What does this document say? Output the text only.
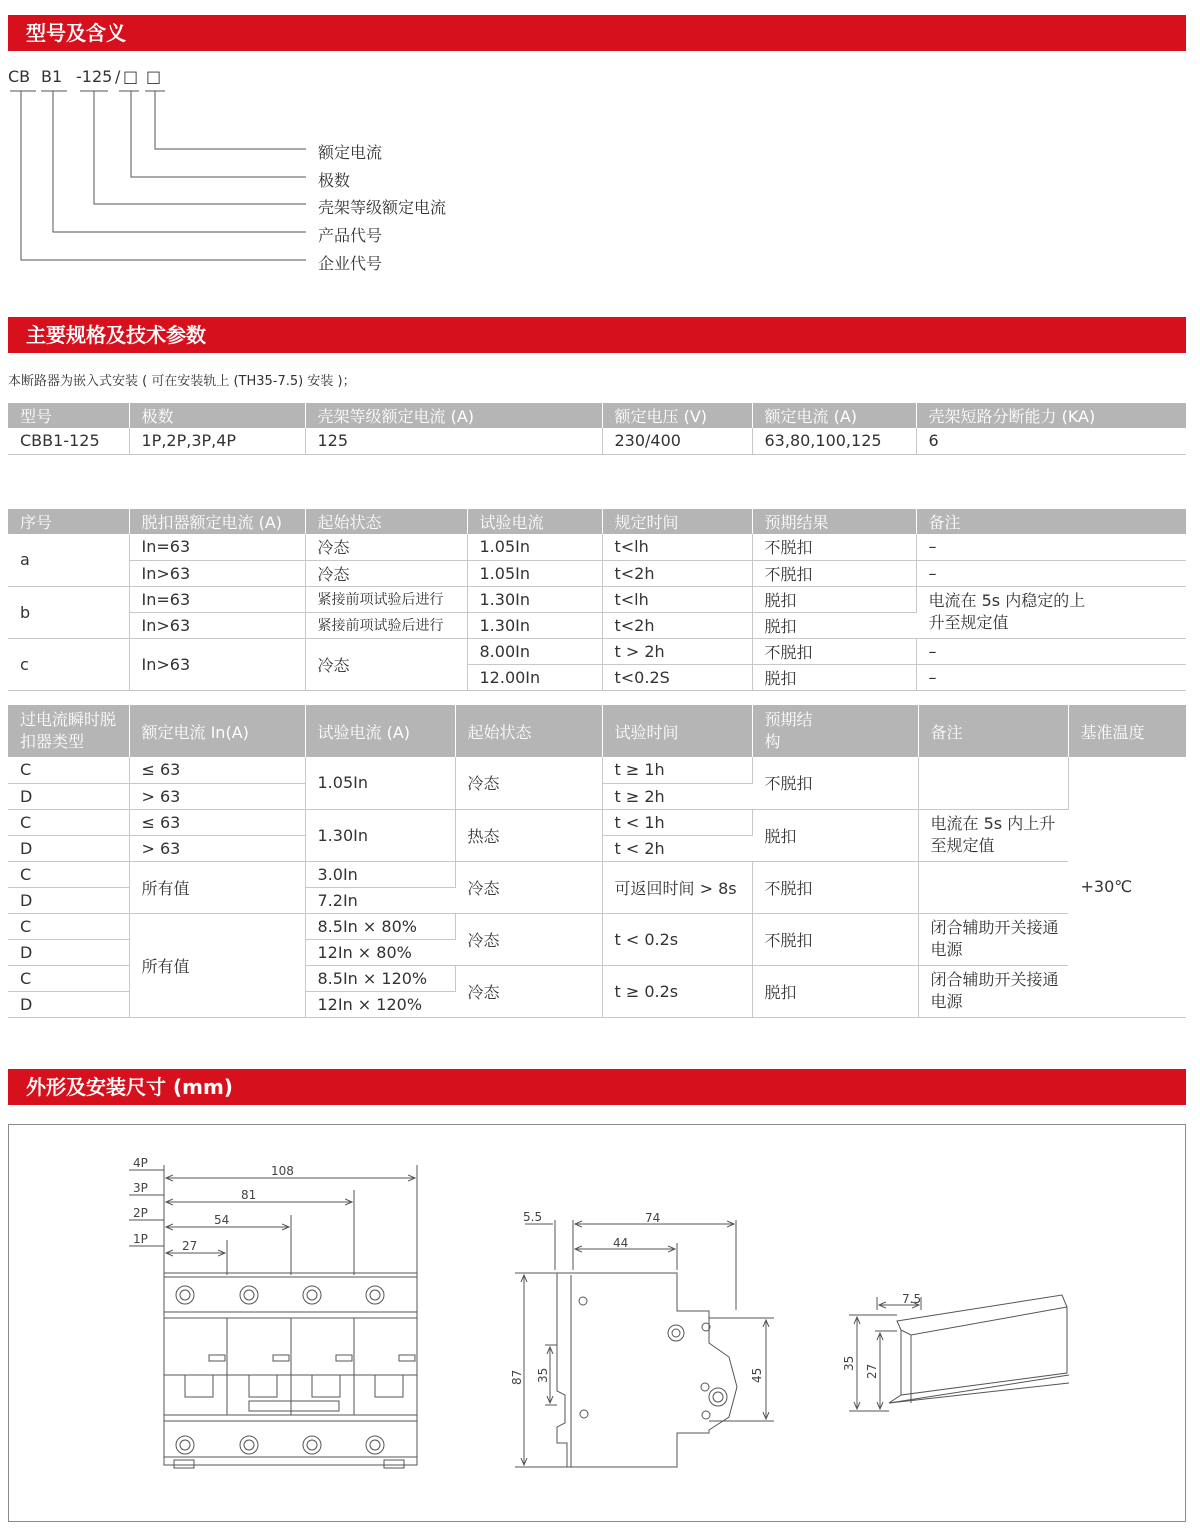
型号及含义
CB B1 -125 / □ □
额定电流
极数
壳架等级额定电流
产品代号
企业代号
主要规格及技术参数
本断路器为嵌入式安装 ( 可在安装轨上 (TH35-7.5) 安装 )；
型号	极数	壳架等级额定电流 (A)	额定电压 (V)	额定电流 (A)	壳架短路分断能力 (KA)
CBB1-125	1P,2P,3P,4P	125	230/400	63,80,100,125	6
序号	脱扣器额定电流 (A)	起始状态	试验电流	规定时间	预期结果	备注
a	In=63	冷态	1.05In	t<lh	不脱扣	–
	In>63	冷态	1.05In	t<2h	不脱扣	–
b	In=63	紧接前项试验后进行	1.30In	t<lh	脱扣	电流在 5s 内稳定的上升至规定值
	In>63	紧接前项试验后进行	1.30In	t<2h	脱扣	
c	In>63	冷态	8.00In	t > 2h	不脱扣	–
			12.00In	t<0.2S	脱扣	–
过电流瞬时脱扣器类型	额定电流 In(A)	试验电流 (A)	起始状态	试验时间	预期结构	备注	基准温度
C	≤ 63	1.05In	冷态	t ≥ 1h	不脱扣		+30℃
D	> 63			t ≥ 2h			
C	≤ 63	1.30In	热态	t < 1h	脱扣	电流在 5s 内上升至规定值	
D	> 63			t < 2h			
C	所有值	3.0In	冷态	可返回时间 > 8s	不脱扣		
D		7.2In					
C	所有值	8.5In × 80%	冷态	t < 0.2s	不脱扣	闭合辅助开关接通电源	
D		12In × 80%					
C		8.5In × 120%	冷态	t ≥ 0.2s	脱扣	闭合辅助开关接通电源	
D		12In × 120%					
外形及安装尺寸 (mm)
4P
3P
2P
1P
108
81
54
27
5.5	74
44
87 35	45
7.5
35
27
